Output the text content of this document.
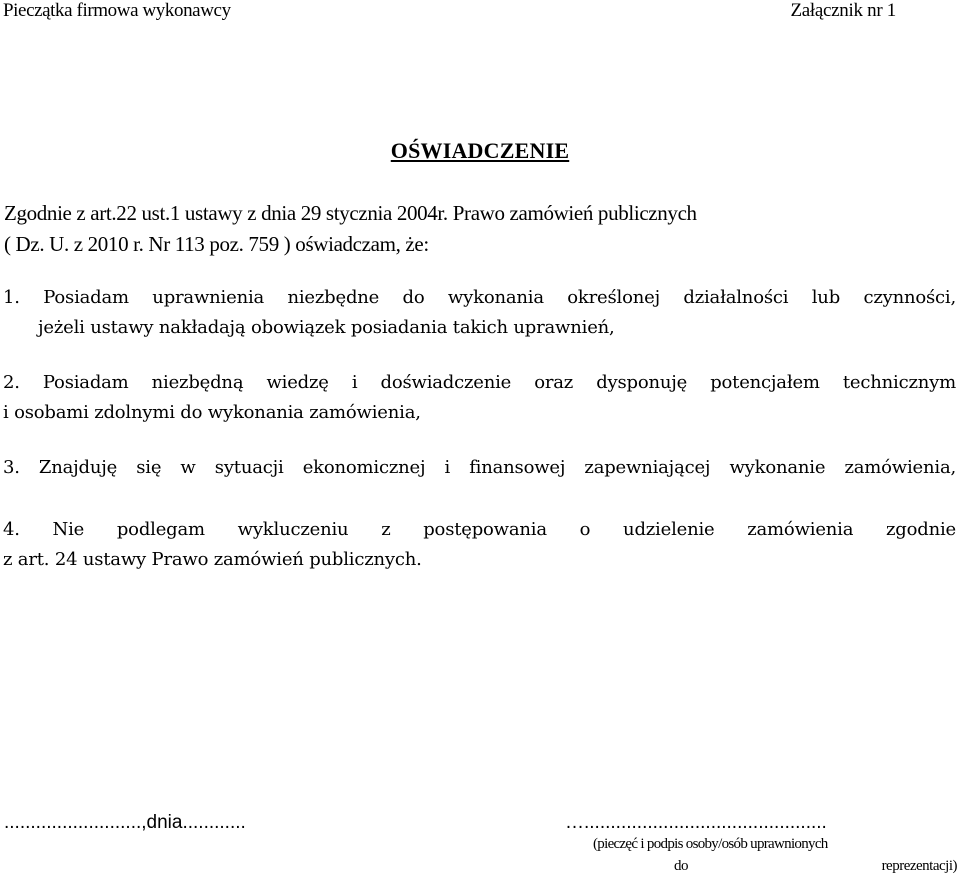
Pieczątka firmowa wykonawcy	Załącznik nr 1
OŚWIADCZENIE
Zgodnie z art.22 ust.1 ustawy z dnia 29 stycznia 2004r. Prawo zamówień publicznych
( Dz. U. z 2010 r. Nr 113 poz. 759 ) oświadczam, że:
1. Posiadam uprawnienia niezbędne do wykonania określonej działalności lub czynności,
jeżeli ustawy nakładają obowiązek posiadania takich uprawnień,
2. Posiadam niezbędną wiedzę i doświadczenie oraz dysponuję potencjałem technicznym
i osobami zdolnymi do wykonania zamówienia,
3. Znajduję się w sytuacji ekonomicznej i finansowej zapewniającej wykonanie zamówienia,
4. Nie podlegam wykluczeniu z postępowania o udzielenie zamówienia zgodnie
z art. 24 ustawy Prawo zamówień publicznych.
..........................,dnia............	…..............................................
(pieczęć i podpis osoby/osób uprawnionych
do	reprezentacji)
